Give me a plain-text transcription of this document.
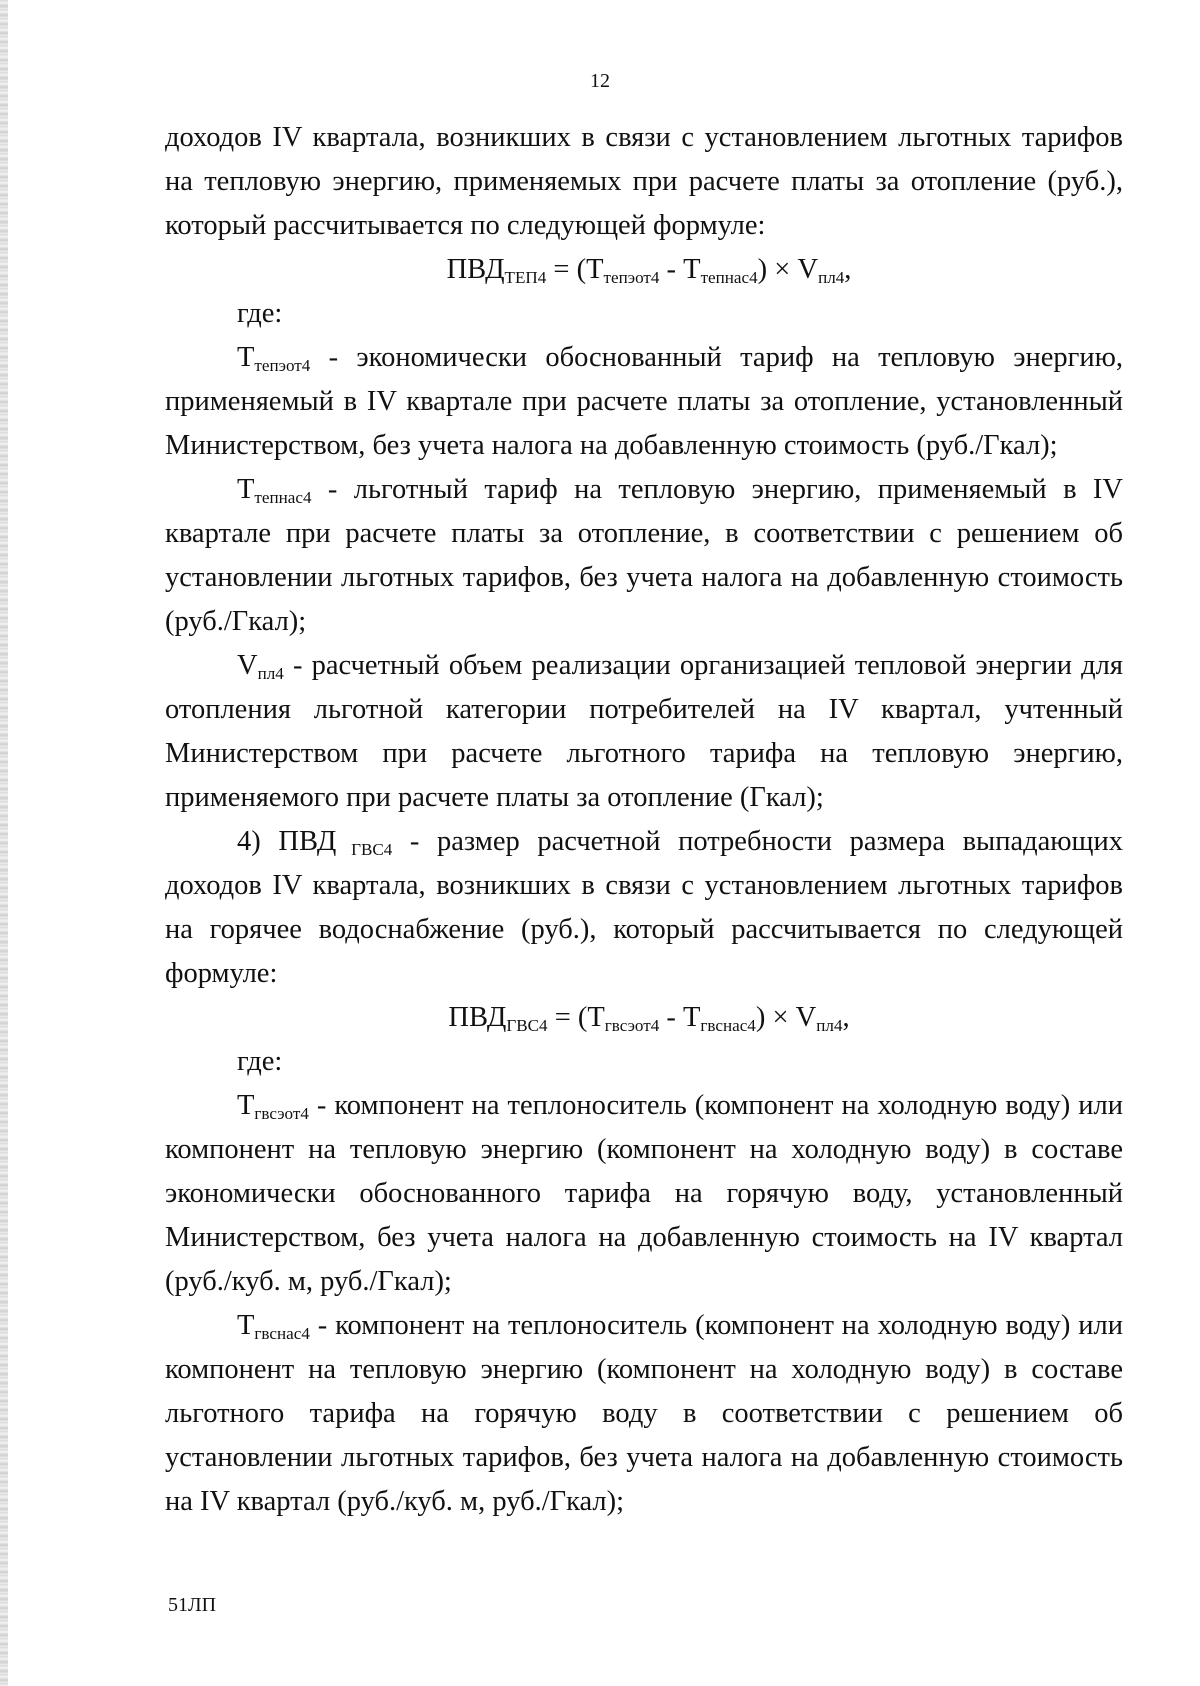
12

доходов IV квартала, возникших в связи с установлением льготных тарифов на тепловую энергию, применяемых при расчете платы за отопление (руб.), который рассчитывается по следующей формуле:

$ПВД_{ТЕП4} = (Т_{тепэот4} - Т_{тепнас4}) \times V_{пл4}$,

где:

$Т_{тепэот4}$ - экономически обоснованный тариф на тепловую энергию, применяемый в IV квартале при расчете платы за отопление, установленный Министерством, без учета налога на добавленную стоимость (руб./Гкал);

$Т_{тепнас4}$ - льготный тариф на тепловую энергию, применяемый в IV квартале при расчете платы за отопление, в соответствии с решением об установлении льготных тарифов, без учета налога на добавленную стоимость (руб./Гкал);

$V_{пл4}$ - расчетный объем реализации организацией тепловой энергии для отопления льготной категории потребителей на IV квартал, учтенный Министерством при расчете льготного тарифа на тепловую энергию, применяемого при расчете платы за отопление (Гкал);

4) ПВД $_{ГВС4}$ - размер расчетной потребности размера выпадающих доходов IV квартала, возникших в связи с установлением льготных тарифов на горячее водоснабжение (руб.), который рассчитывается по следующей формуле:

$ПВД_{ГВС4} = (Т_{гвсэот4} - Т_{гвснас4}) \times V_{пл4}$,

где:

$Т_{гвсэот4}$ - компонент на теплоноситель (компонент на холодную воду) или компонент на тепловую энергию (компонент на холодную воду) в составе экономически обоснованного тарифа на горячую воду, установленный Министерством, без учета налога на добавленную стоимость на IV квартал (руб./куб. м, руб./Гкал);

$Т_{гвснас4}$ - компонент на теплоноситель (компонент на холодную воду) или компонент на тепловую энергию (компонент на холодную воду) в составе льготного тарифа на горячую воду в соответствии с решением об установлении льготных тарифов, без учета налога на добавленную стоимость на IV квартал (руб./куб. м, руб./Гкал);

51ЛП
